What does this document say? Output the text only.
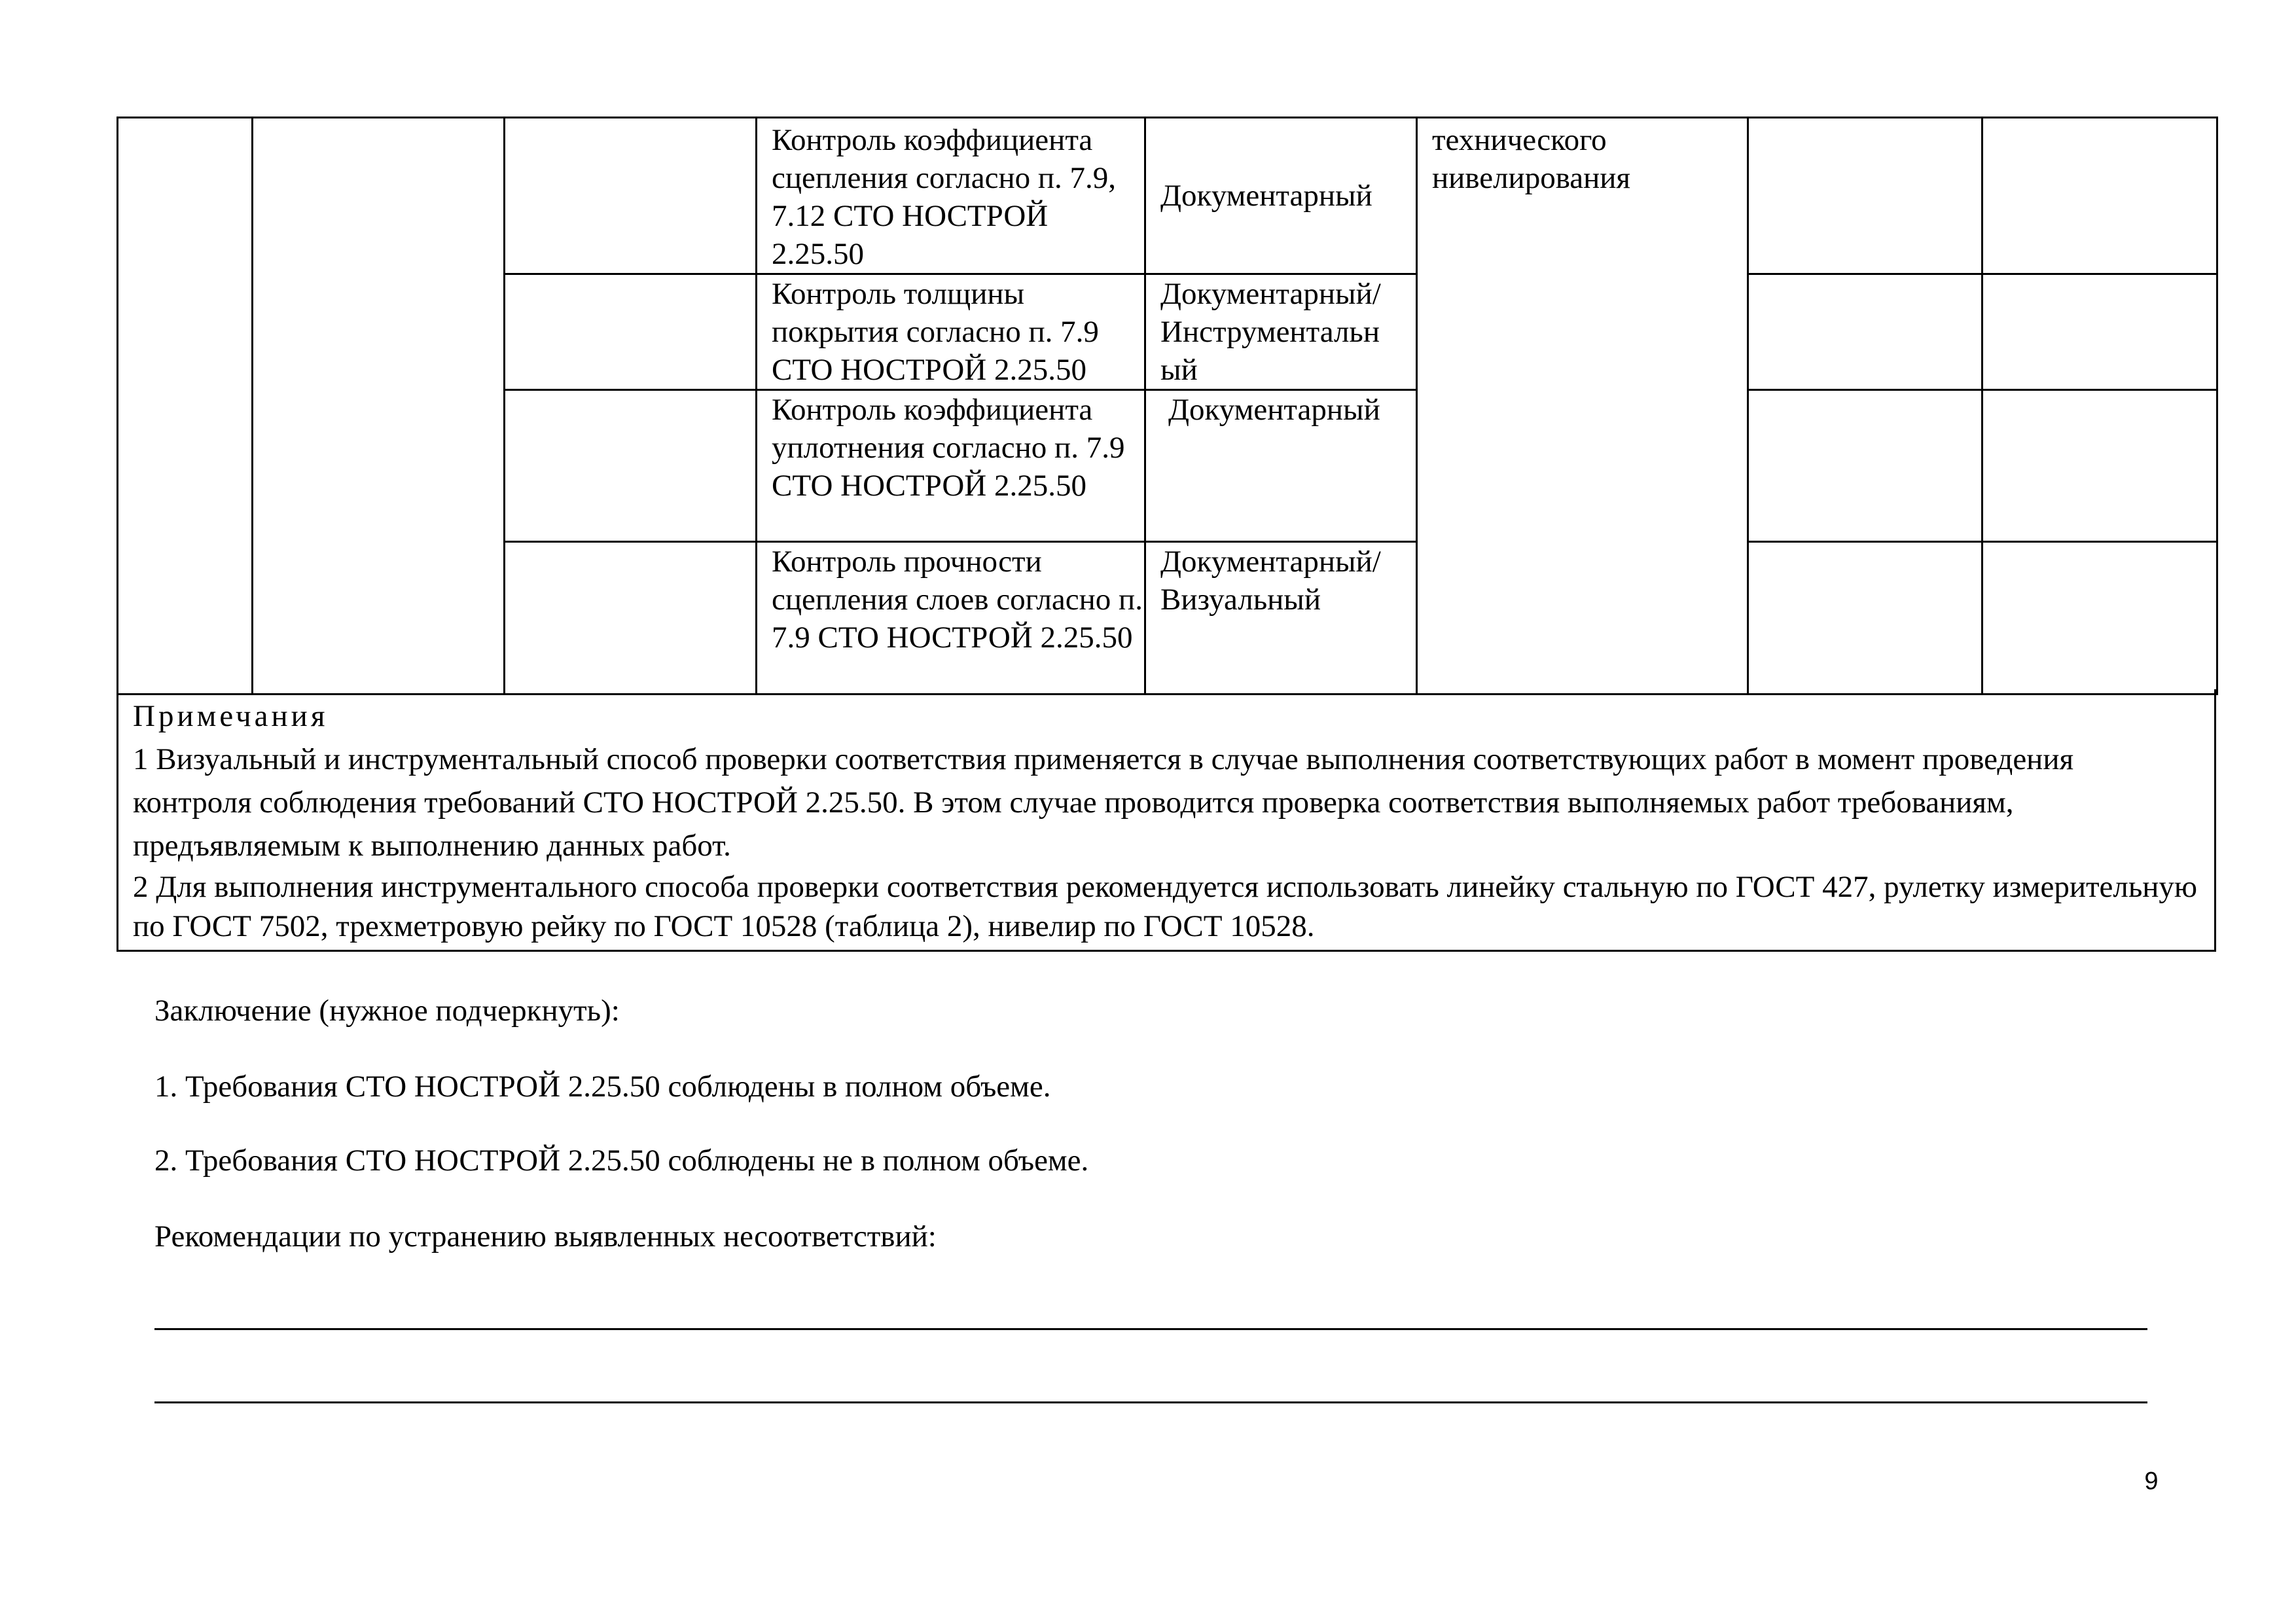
			Контроль коэффициента сцепления согласно п. 7.9, 7.12 СТО НОСТРОЙ 2.25.50	Документарный	технического нивелирования		
			Контроль толщины покрытия согласно п. 7.9 СТО НОСТРОЙ 2.25.50	Документарный/ Инструментальн ый			
			Контроль коэффициента уплотнения согласно п. 7.9 СТО НОСТРОЙ 2.25.50	Документарный			
			Контроль прочности сцепления слоев согласно п. 7.9 СТО НОСТРОЙ 2.25.50	Документарный/ Визуальный			
Примечания

1 Визуальный и инструментальный способ проверки соответствия применяется в случае выполнения соответствующих работ в момент проведения контроля соблюдения требований СТО НОСТРОЙ 2.25.50. В этом случае проводится проверка соответствия выполняемых работ требованиям, предъявляемым к выполнению данных работ.

2 Для выполнения инструментального способа проверки соответствия рекомендуется использовать линейку стальную по ГОСТ 427, рулетку измерительную по ГОСТ 7502, трехметровую рейку по ГОСТ 10528 (таблица 2), нивелир по ГОСТ 10528.

Заключение (нужное подчеркнуть):
1. Требования СТО НОСТРОЙ 2.25.50 соблюдены в полном объеме.
2. Требования СТО НОСТРОЙ 2.25.50 соблюдены не в полном объеме.
Рекомендации по устранению выявленных несоответствий:
9
